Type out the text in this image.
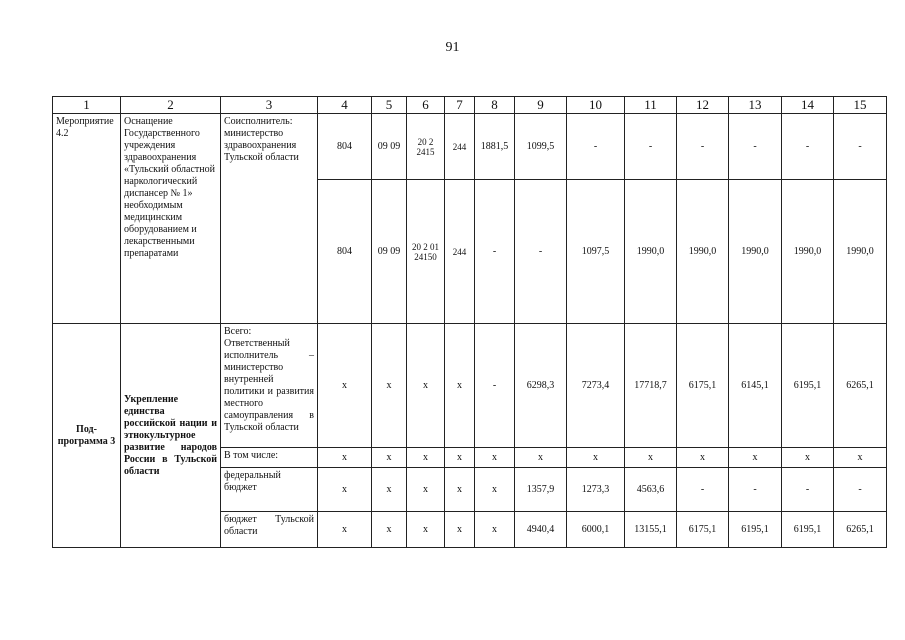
91
1	2	3	4	5	6	7	8	9	10	11	12	13	14	15
Мероприятие 4.2	Оснащение Государственного учреждения здравоохранения «Тульский областной наркологический диспансер № 1» необходимым медицинским оборудованием и лекарственными препаратами	Соисполнитель: министерство здравоохранения Тульской области	804	09 09	20 2 2415	244	1881,5	1099,5	-	-	-	-	-	-
			804	09 09	20 2 01 24150	244	-	-	1097,5	1990,0	1990,0	1990,0	1990,0	1990,0
Под-программа 3	Укрепление единства российской нации и этнокультурное развитие народов России в Тульской области	Всего: Ответственный исполнитель – министерство внутренней политики и развития местного самоуправления в Тульской области	x	x	x	x	-	6298,3	7273,4	17718,7	6175,1	6145,1	6195,1	6265,1
		В том числе:	x	x	x	x	x	x	x	x	x	x	x	x
		федеральный бюджет	x	x	x	x	x	1357,9	1273,3	4563,6	-	-	-	-
		бюджет Тульской области	x	x	x	x	x	4940,4	6000,1	13155,1	6175,1	6195,1	6195,1	6265,1
